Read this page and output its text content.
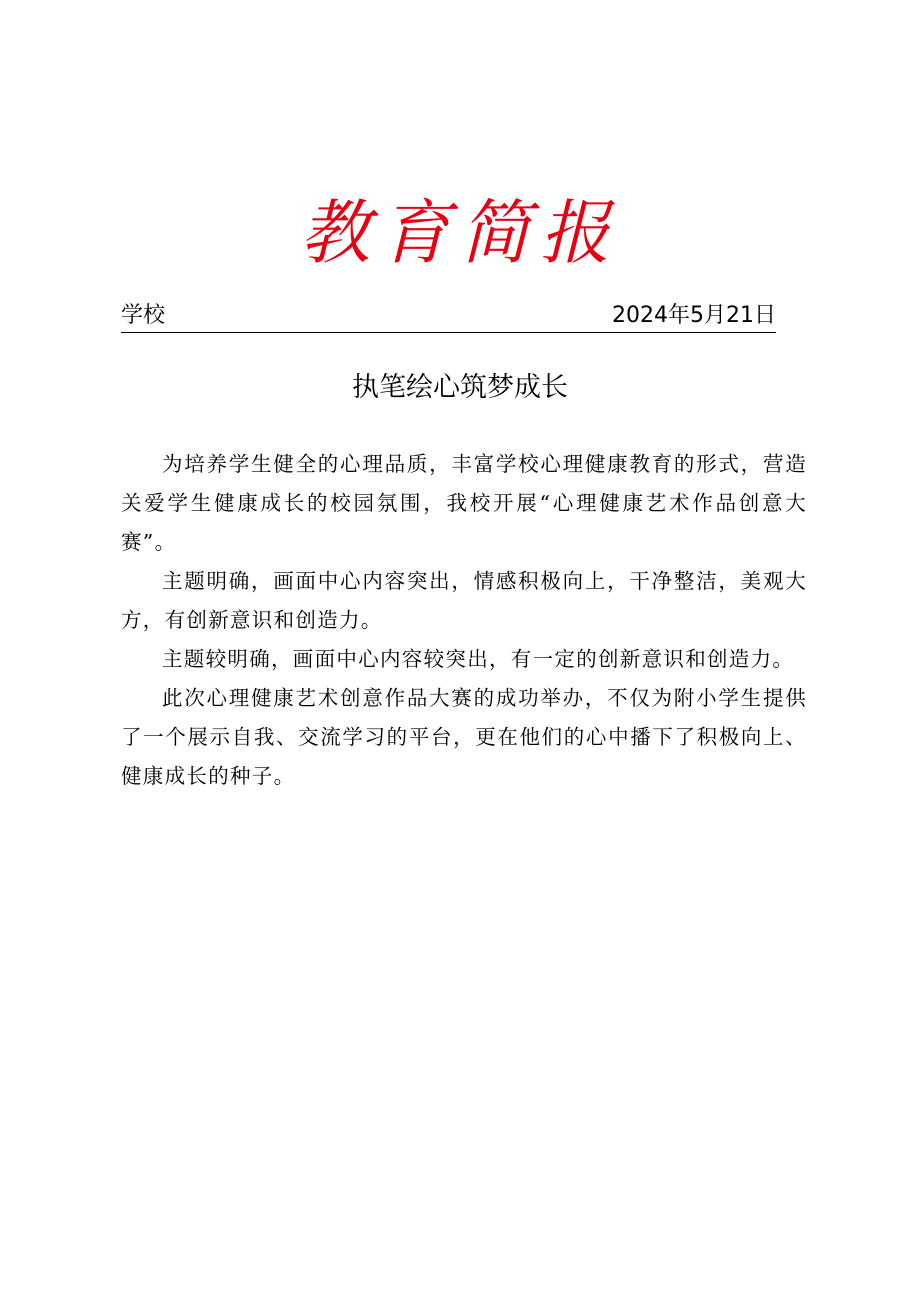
教育简报
学校	2024年5月21日
执笔绘心筑梦成长

为培养学生健全的心理品质，丰富学校心理健康教育的形式，营造关爱学生健康成长的校园氛围，我校开展“心理健康艺术作品创意大赛”。

主题明确，画面中心内容突出，情感积极向上，干净整洁，美观大方，有创新意识和创造力。

主题较明确，画面中心内容较突出，有一定的创新意识和创造力。

此次心理健康艺术创意作品大赛的成功举办，不仅为附小学生提供了一个展示自我、交流学习的平台，更在他们的心中播下了积极向上、健康成长的种子。
